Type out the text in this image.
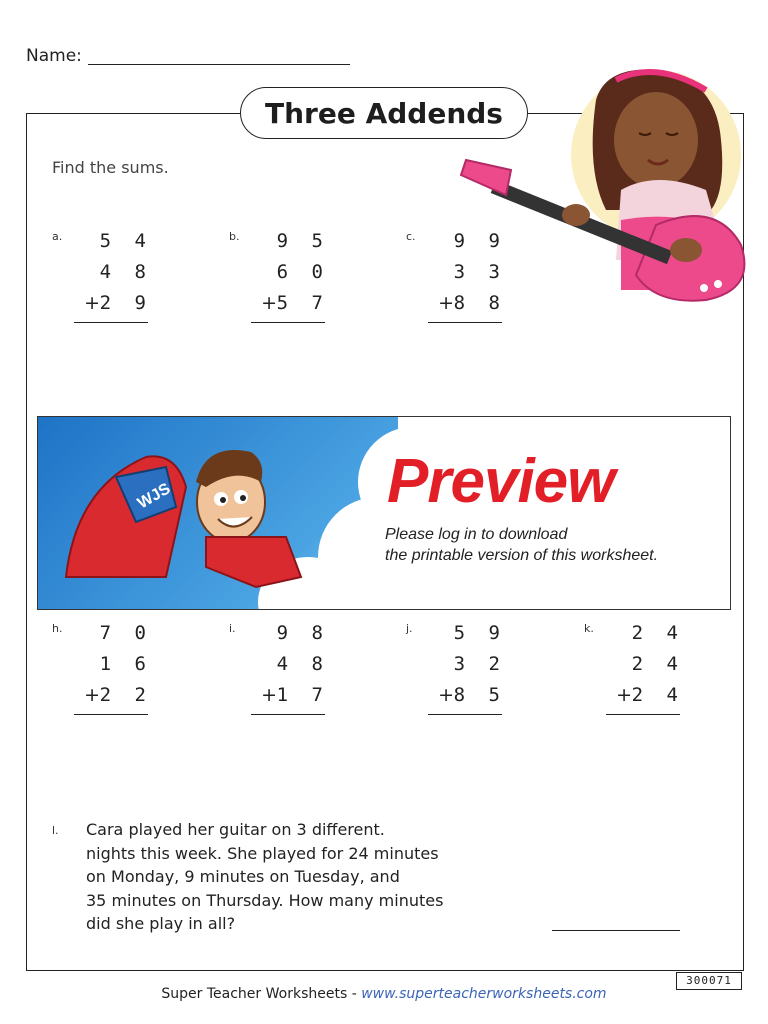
Name:
Three Addends
Find the sums.
a. 5 4
4 8
+ 2 9
b. 9 5
6 0
+ 5 7
c. 9 9
3 3
+ 8 8
WJS	Preview
Please log in to download
the printable version of this worksheet.
h. 7 0
1 6
+ 2 2
i. 9 8
4 8
+ 1 7
j. 5 9
3 2
+ 8 5
k. 2 4
2 4
+ 2 4
l. Cara played her guitar on 3 different.
nights this week. She played for 24 minutes
on Monday, 9 minutes on Tuesday, and
35 minutes on Thursday. How many minutes
did she play in all?
300071
Super Teacher Worksheets - www.superteacherworksheets.com
